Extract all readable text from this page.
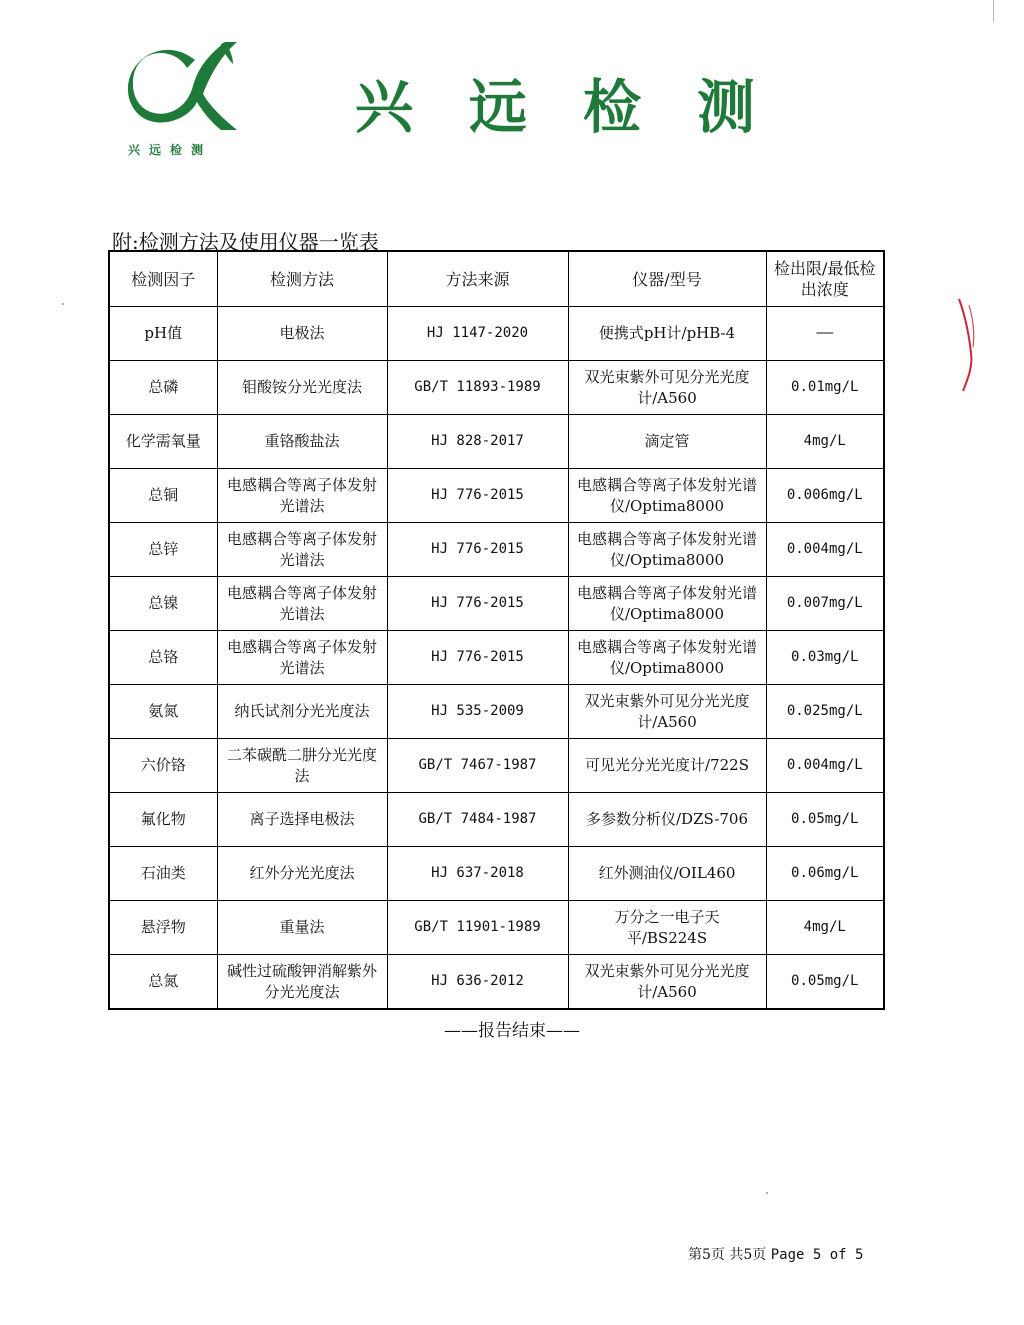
兴远检测
兴远检测
附:检测方法及使用仪器一览表
检测因子	检测方法	方法来源	仪器/型号	检出限/最低检出浓度
pH值	电极法	HJ 1147-2020	便携式pH计/pHB-4	——
总磷	钼酸铵分光光度法	GB/T 11893-1989	双光束紫外可见分光光度计/A560	0.01mg/L
化学需氧量	重铬酸盐法	HJ 828-2017	滴定管	4mg/L
总铜	电感耦合等离子体发射光谱法	HJ 776-2015	电感耦合等离子体发射光谱仪/Optima8000	0.006mg/L
总锌	电感耦合等离子体发射光谱法	HJ 776-2015	电感耦合等离子体发射光谱仪/Optima8000	0.004mg/L
总镍	电感耦合等离子体发射光谱法	HJ 776-2015	电感耦合等离子体发射光谱仪/Optima8000	0.007mg/L
总铬	电感耦合等离子体发射光谱法	HJ 776-2015	电感耦合等离子体发射光谱仪/Optima8000	0.03mg/L
氨氮	纳氏试剂分光光度法	HJ 535-2009	双光束紫外可见分光光度计/A560	0.025mg/L
六价铬	二苯碳酰二肼分光光度法	GB/T 7467-1987	可见光分光光度计/722S	0.004mg/L
氟化物	离子选择电极法	GB/T 7484-1987	多参数分析仪/DZS-706	0.05mg/L
石油类	红外分光光度法	HJ 637-2018	红外测油仪/OIL460	0.06mg/L
悬浮物	重量法	GB/T 11901-1989	万分之一电子天平/BS224S	4mg/L
总氮	碱性过硫酸钾消解紫外分光光度法	HJ 636-2012	双光束紫外可见分光光度计/A560	0.05mg/L
——报告结束——
第5页 共5页 Page 5 of 5
